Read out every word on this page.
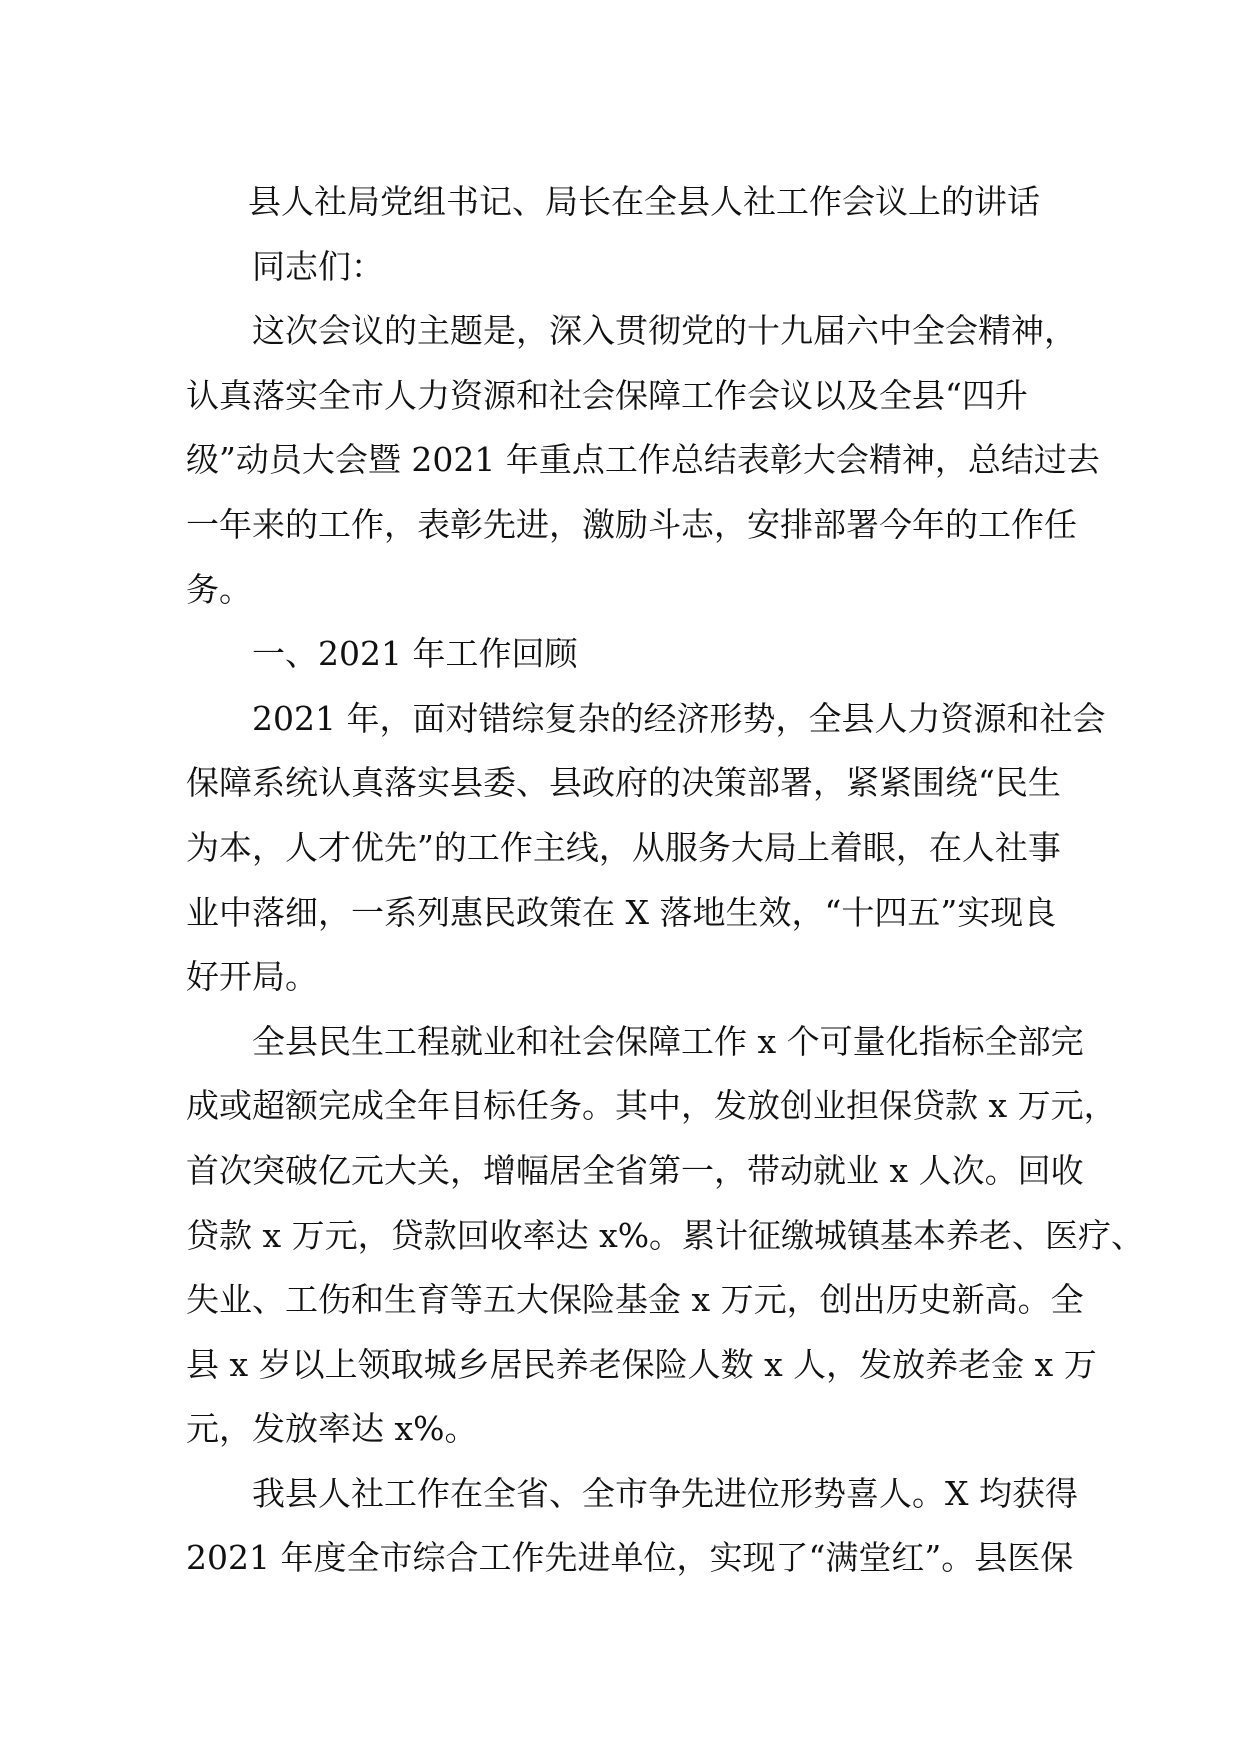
县人社局党组书记、局长在全县人社工作会议上的讲话
同志们：
这次会议的主题是，深入贯彻党的十九届六中全会精神，
认真落实全市人力资源和社会保障工作会议以及全县“四升
级”动员大会暨 2021 年重点工作总结表彰大会精神，总结过去
一年来的工作，表彰先进，激励斗志，安排部署今年的工作任
务。
一、2021 年工作回顾
2021 年，面对错综复杂的经济形势，全县人力资源和社会
保障系统认真落实县委、县政府的决策部署，紧紧围绕“民生
为本，人才优先”的工作主线，从服务大局上着眼，在人社事
业中落细，一系列惠民政策在 X 落地生效，“十四五”实现良
好开局。
全县民生工程就业和社会保障工作 x 个可量化指标全部完
成或超额完成全年目标任务。其中，发放创业担保贷款 x 万元，
首次突破亿元大关，增幅居全省第一，带动就业 x 人次。回收
贷款 x 万元，贷款回收率达 x%。累计征缴城镇基本养老、医疗、
失业、工伤和生育等五大保险基金 x 万元，创出历史新高。全
县 x 岁以上领取城乡居民养老保险人数 x 人，发放养老金 x 万
元，发放率达 x%。
我县人社工作在全省、全市争先进位形势喜人。X 均获得
2021 年度全市综合工作先进单位，实现了“满堂红”。县医保
